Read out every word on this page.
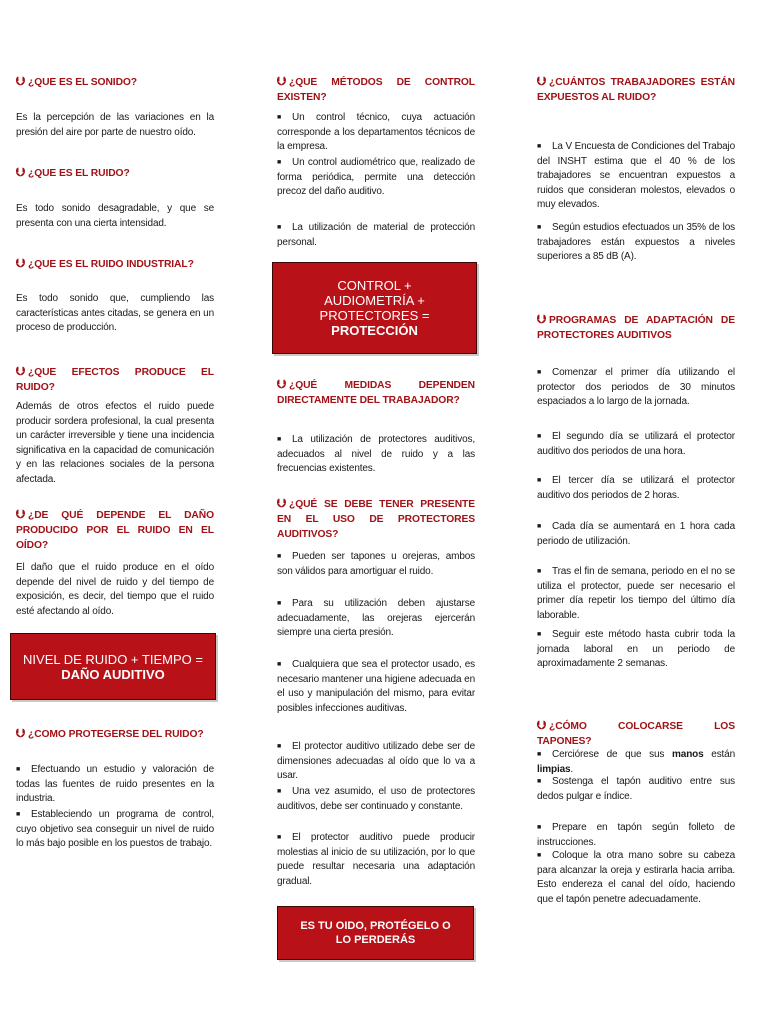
⮋ ¿QUE ES EL SONIDO?
Es la percepción de las variaciones en la presión del aire por parte de nuestro oído.
⮋ ¿QUE ES EL RUIDO?
Es todo sonido desagradable, y que se presenta con una cierta intensidad.
⮋ ¿QUE ES EL RUIDO INDUSTRIAL?
Es todo sonido que, cumpliendo las características antes citadas, se genera en un proceso de producción.
⮋ ¿QUE EFECTOS PRODUCE EL RUIDO?
Además de otros efectos el ruido puede producir sordera profesional, la cual presenta un carácter irreversible y tiene una incidencia significativa en la capacidad de comunicación y en las relaciones sociales de la persona afectada.
⮋ ¿DE QUÉ DEPENDE EL DAÑO PRODUCIDO POR EL RUIDO EN EL OÍDO?
El daño que el ruido produce en el oído depende del nivel de ruido y del tiempo de exposición, es decir, del tiempo que el ruido esté afectando al oído.
NIVEL DE RUIDO + TIEMPO =
DAÑO AUDITIVO
⮋ ¿COMO PROTEGERSE DEL RUIDO?
■ Efectuando un estudio y valoración de todas las fuentes de ruido presentes en la industria.
■ Estableciendo un programa de control, cuyo objetivo sea conseguir un nivel de ruido lo más bajo posible en los puestos de trabajo.
⮋ ¿QUE MÉTODOS DE CONTROL EXISTEN?
■ Un control técnico, cuya actuación corresponde a los departamentos técnicos de la empresa.
■ Un control audiométrico que, realizado de forma periódica, permite una detección precoz del daño auditivo.
■ La utilización de material de protección personal.
CONTROL + AUDIOMETRÍA + PROTECTORES =
PROTECCIÓN
⮋ ¿QUÉ MEDIDAS DEPENDEN DIRECTAMENTE DEL TRABAJADOR?
■ La utilización de protectores auditivos, adecuados al nivel de ruido y a las frecuencias existentes.
⮋ ¿QUÉ SE DEBE TENER PRESENTE EN EL USO DE PROTECTORES AUDITIVOS?
■ Pueden ser tapones u orejeras, ambos son válidos para amortiguar el ruido.
■ Para su utilización deben ajustarse adecuadamente, las orejeras ejercerán siempre una cierta presión.
■ Cualquiera que sea el protector usado, es necesario mantener una higiene adecuada en el uso y manipulación del mismo, para evitar posibles infecciones auditivas.
■ El protector auditivo utilizado debe ser de dimensiones adecuadas al oído que lo va a usar.
■ Una vez asumido, el uso de protectores auditivos, debe ser continuado y constante.
■ El protector auditivo puede producir molestias al inicio de su utilización, por lo que puede resultar necesaria una adaptación gradual.
ES TU OIDO, PROTÉGELO O LO PERDERÁS
⮋ ¿CUÁNTOS TRABAJADORES ESTÁN EXPUESTOS AL RUIDO?
■ La V Encuesta de Condiciones del Trabajo del INSHT estima que el 40 % de los trabajadores se encuentran expuestos a ruidos que consideran molestos, elevados o muy elevados.
■ Según estudios efectuados un 35% de los trabajadores están expuestos a niveles superiores a 85 dB (A).
⮋ PROGRAMAS DE ADAPTACIÓN DE PROTECTORES AUDITIVOS
■ Comenzar el primer día utilizando el protector dos periodos de 30 minutos espaciados a lo largo de la jornada.
■ El segundo día se utilizará el protector auditivo dos periodos de una hora.
■ El tercer día se utilizará el protector auditivo dos periodos de 2 horas.
■ Cada día se aumentará en 1 hora cada periodo de utilización.
■ Tras el fin de semana, periodo en el no se utiliza el protector, puede ser necesario el primer día repetir los tiempo del último día laborable.
■ Seguir este método hasta cubrir toda la jornada laboral en un periodo de aproximadamente 2 semanas.
⮋ ¿CÓMO COLOCARSE LOS TAPONES?
■ Cerciórese de que sus manos están limpias.
■ Sostenga el tapón auditivo entre sus dedos pulgar e índice.
■ Prepare en tapón según folleto de instrucciones.
■ Coloque la otra mano sobre su cabeza para alcanzar la oreja y estirarla hacia arriba. Esto endereza el canal del oído, haciendo que el tapón penetre adecuadamente.
